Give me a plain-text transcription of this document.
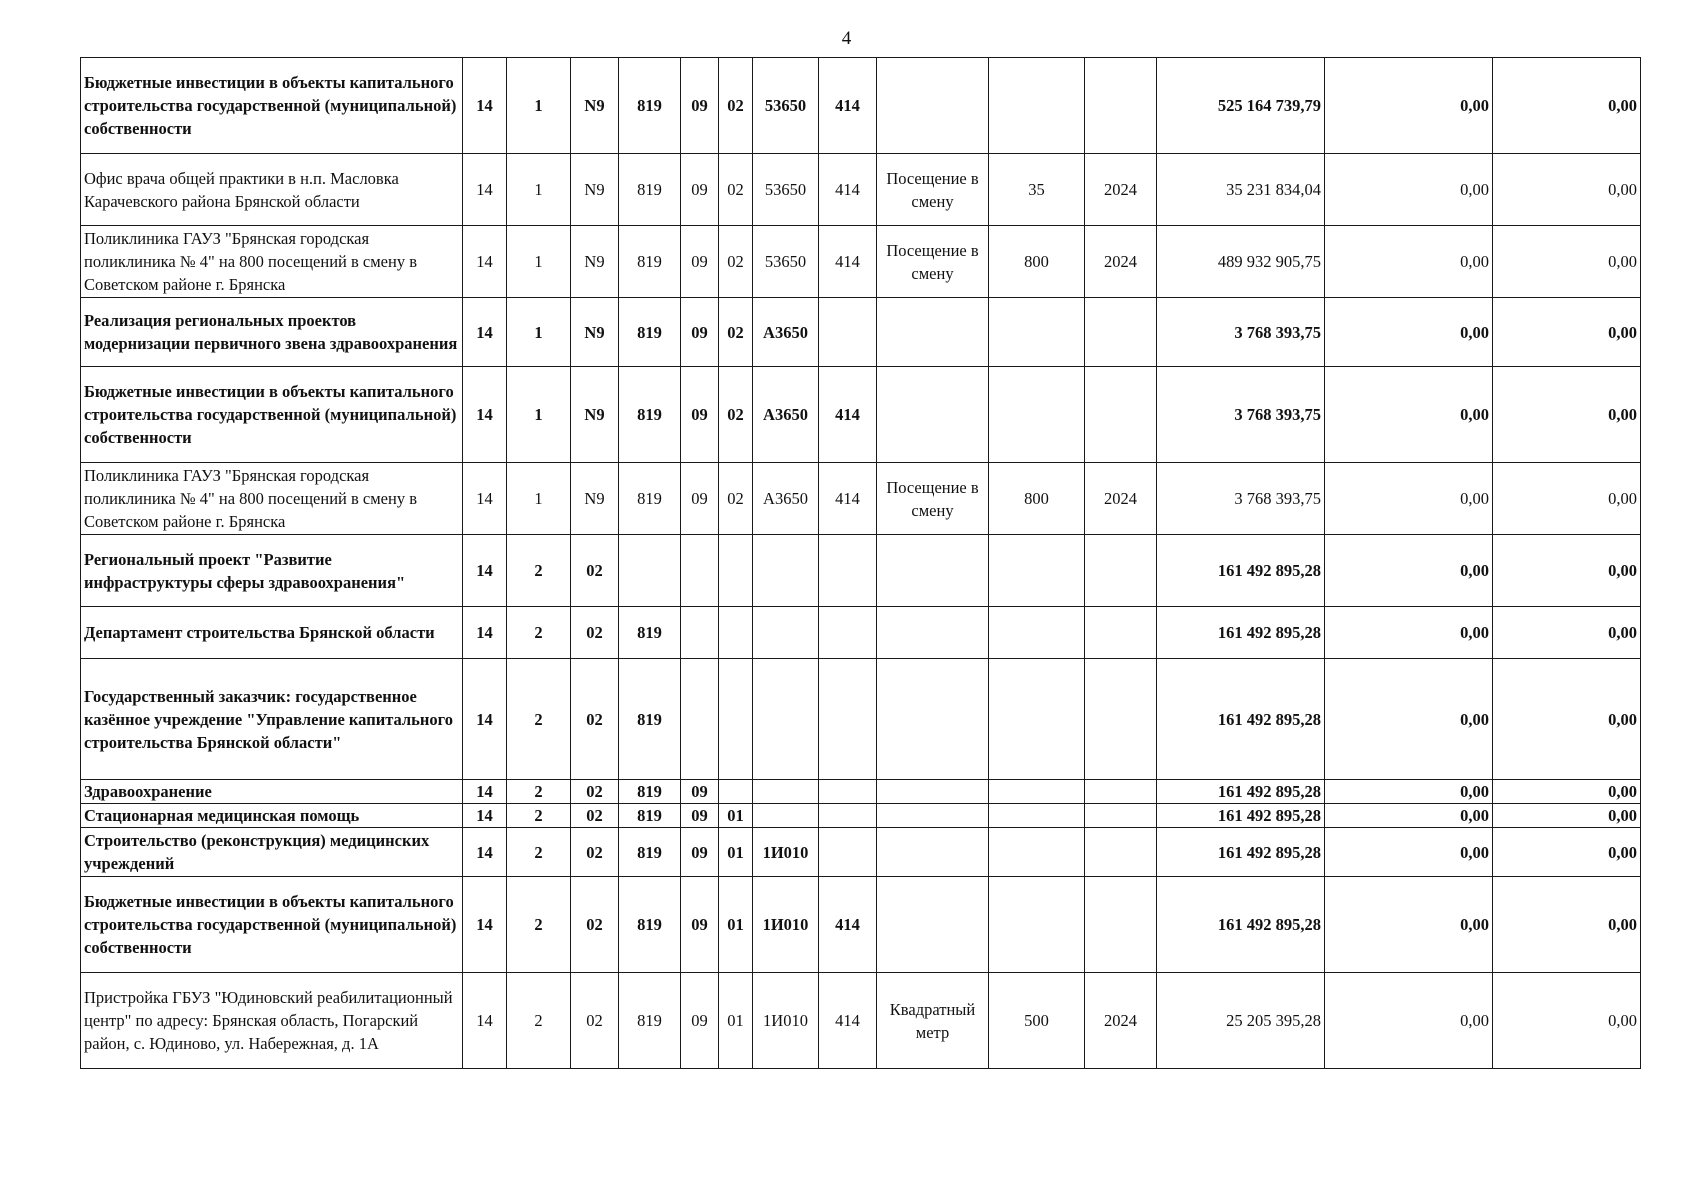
4
Бюджетные инвестиции в объекты капитального строительства государственной (муниципальной) собственности	14	1	N9	819	09	02	53650	414				525 164 739,79	0,00	0,00
Офис врача общей практики в н.п. Масловка Карачевского района Брянской области	14	1	N9	819	09	02	53650	414	Посещение в смену	35	2024	35 231 834,04	0,00	0,00
Поликлиника ГАУЗ "Брянская городская поликлиника № 4" на 800 посещений в смену в Советском районе г. Брянска	14	1	N9	819	09	02	53650	414	Посещение в смену	800	2024	489 932 905,75	0,00	0,00
Реализация региональных проектов модернизации первичного звена здравоохранения	14	1	N9	819	09	02	А3650					3 768 393,75	0,00	0,00
Бюджетные инвестиции в объекты капитального строительства государственной (муниципальной) собственности	14	1	N9	819	09	02	А3650	414				3 768 393,75	0,00	0,00
Поликлиника ГАУЗ "Брянская городская поликлиника № 4" на 800 посещений в смену в Советском районе г. Брянска	14	1	N9	819	09	02	А3650	414	Посещение в смену	800	2024	3 768 393,75	0,00	0,00
Региональный проект "Развитие инфраструктуры сферы здравоохранения"	14	2	02									161 492 895,28	0,00	0,00
Департамент строительства Брянской области	14	2	02	819								161 492 895,28	0,00	0,00
Государственный заказчик: государственное казённое учреждение "Управление капитального строительства Брянской области"	14	2	02	819								161 492 895,28	0,00	0,00
Здравоохранение	14	2	02	819	09							161 492 895,28	0,00	0,00
Стационарная медицинская помощь	14	2	02	819	09	01						161 492 895,28	0,00	0,00
Строительство (реконструкция) медицинских учреждений	14	2	02	819	09	01	1И010					161 492 895,28	0,00	0,00
Бюджетные инвестиции в объекты капитального строительства государственной (муниципальной) собственности	14	2	02	819	09	01	1И010	414				161 492 895,28	0,00	0,00
Пристройка ГБУЗ "Юдиновский реабилитационный центр" по адресу: Брянская область, Погарский район, с. Юдиново, ул. Набережная, д. 1А	14	2	02	819	09	01	1И010	414	Квадратный метр	500	2024	25 205 395,28	0,00	0,00
